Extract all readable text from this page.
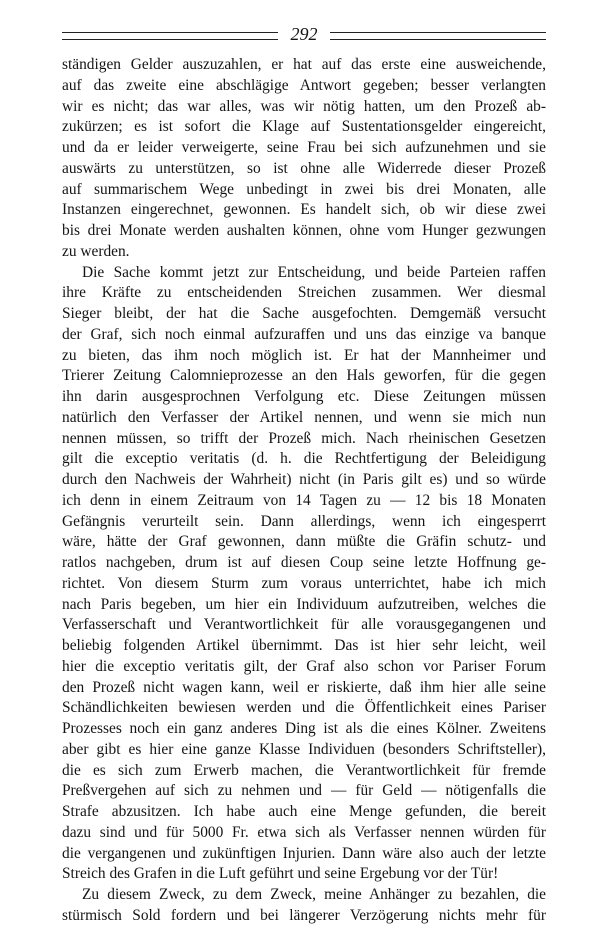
292
ständigen Gelder auszuzahlen, er hat auf das erste eine ausweichende,
auf das zweite eine abschlägige Antwort gegeben; besser verlangten
wir es nicht; das war alles, was wir nötig hatten, um den Prozeß ab-
zukürzen; es ist sofort die Klage auf Sustentationsgelder eingereicht,
und da er leider verweigerte, seine Frau bei sich aufzunehmen und sie
auswärts zu unterstützen, so ist ohne alle Widerrede dieser Prozeß
auf summarischem Wege unbedingt in zwei bis drei Monaten, alle
Instanzen eingerechnet, gewonnen. Es handelt sich, ob wir diese zwei
bis drei Monate werden aushalten können, ohne vom Hunger gezwungen
zu werden.
Die Sache kommt jetzt zur Entscheidung, und beide Parteien raffen
ihre Kräfte zu entscheidenden Streichen zusammen. Wer diesmal
Sieger bleibt, der hat die Sache ausgefochten. Demgemäß versucht
der Graf, sich noch einmal aufzuraffen und uns das einzige va banque
zu bieten, das ihm noch möglich ist. Er hat der Mannheimer und
Trierer Zeitung Calomnieprozesse an den Hals geworfen, für die gegen
ihn darin ausgesprochnen Verfolgung etc. Diese Zeitungen müssen
natürlich den Verfasser der Artikel nennen, und wenn sie mich nun
nennen müssen, so trifft der Prozeß mich. Nach rheinischen Gesetzen
gilt die exceptio veritatis (d. h. die Rechtfertigung der Beleidigung
durch den Nachweis der Wahrheit) nicht (in Paris gilt es) und so würde
ich denn in einem Zeitraum von 14 Tagen zu — 12 bis 18 Monaten
Gefängnis verurteilt sein. Dann allerdings, wenn ich eingesperrt
wäre, hätte der Graf gewonnen, dann müßte die Gräfin schutz- und
ratlos nachgeben, drum ist auf diesen Coup seine letzte Hoffnung ge-
richtet. Von diesem Sturm zum voraus unterrichtet, habe ich mich
nach Paris begeben, um hier ein Individuum aufzutreiben, welches die
Verfasserschaft und Verantwortlichkeit für alle vorausgegangenen und
beliebig folgenden Artikel übernimmt. Das ist hier sehr leicht, weil
hier die exceptio veritatis gilt, der Graf also schon vor Pariser Forum
den Prozeß nicht wagen kann, weil er riskierte, daß ihm hier alle seine
Schändlichkeiten bewiesen werden und die Öffentlichkeit eines Pariser
Prozesses noch ein ganz anderes Ding ist als die eines Kölner. Zweitens
aber gibt es hier eine ganze Klasse Individuen (besonders Schriftsteller),
die es sich zum Erwerb machen, die Verantwortlichkeit für fremde
Preßvergehen auf sich zu nehmen und — für Geld — nötigenfalls die
Strafe abzusitzen. Ich habe auch eine Menge gefunden, die bereit
dazu sind und für 5000 Fr. etwa sich als Verfasser nennen würden für
die vergangenen und zukünftigen Injurien. Dann wäre also auch der letzte
Streich des Grafen in die Luft geführt und seine Ergebung vor der Tür!
Zu diesem Zweck, zu dem Zweck, meine Anhänger zu bezahlen, die
stürmisch Sold fordern und bei längerer Verzögerung nichts mehr für
